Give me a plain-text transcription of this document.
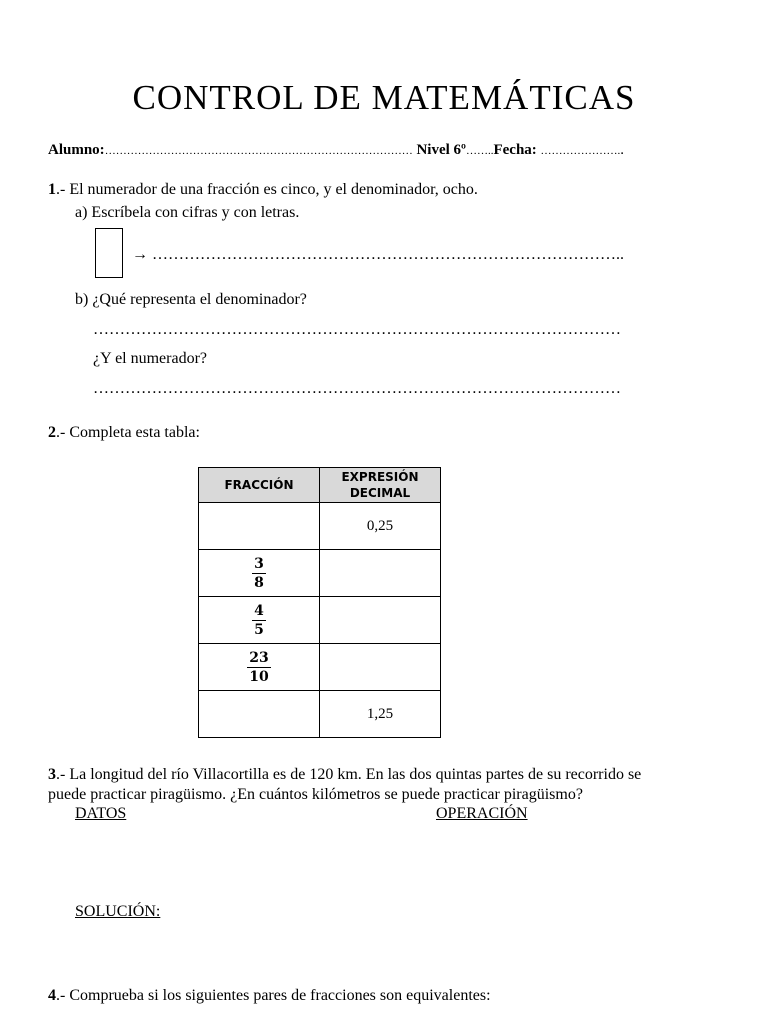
CONTROL DE MATEMÁTICAS
Alumno:………………………………………………………………………… Nivel 6º……..Fecha: …………………..
1.- El numerador de una fracción es cinco, y el denominador, ocho.
a) Escríbela con cifras y con letras.
→ ……………………………………………………………………………..
b) ¿Qué representa el denominador?
………………………………………………………………………………………
¿Y el numerador?
………………………………………………………………………………………
2.- Completa esta tabla:
FRACCIÓN	EXPRESIÓN
DECIMAL
	0,25

$\frac{3}{8}$

$\frac{4}{5}$

$\frac{23}{10}$

	1,25
3.- La longitud del río Villacortilla es de 120 km. En las dos quintas partes de su recorrido se
puede practicar piragüismo. ¿En cuántos kilómetros se puede practicar piragüismo?
DATOS	OPERACIÓN
SOLUCIÓN:
4.- Comprueba si los siguientes pares de fracciones son equivalentes:
